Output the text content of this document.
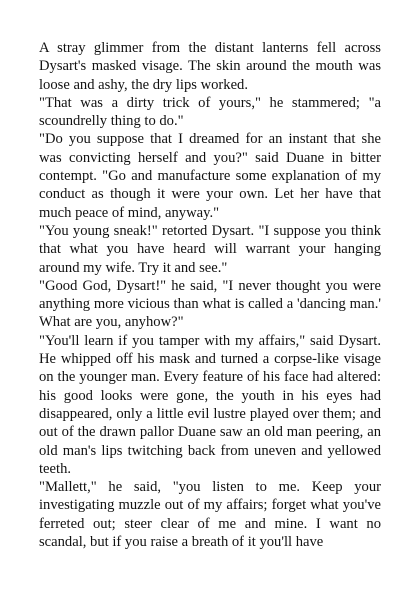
A stray glimmer from the distant lanterns fell across Dysart's masked visage. The skin around the mouth was loose and ashy, the dry lips worked.

"That was a dirty trick of yours," he stammered; "a scoundrelly thing to do."

"Do you suppose that I dreamed for an instant that she was convicting herself and you?" said Duane in bitter contempt. "Go and manufacture some explanation of my conduct as though it were your own. Let her have that much peace of mind, anyway."

"You young sneak!" retorted Dysart. "I suppose you think that what you have heard will warrant your hanging around my wife. Try it and see."

"Good God, Dysart!" he said, "I never thought you were anything more vicious than what is called a 'dancing man.' What are you, anyhow?"

"You'll learn if you tamper with my affairs," said Dysart. He whipped off his mask and turned a corpse-like visage on the younger man. Every feature of his face had altered: his good looks were gone, the youth in his eyes had disappeared, only a little evil lustre played over them; and out of the drawn pallor Duane saw an old man peering, an old man's lips twitching back from uneven and yellowed teeth.

"Mallett," he said, "you listen to me. Keep your investigating muzzle out of my affairs; forget what you've ferreted out; steer clear of me and mine. I want no scandal, but if you raise a breath of it you'll have
